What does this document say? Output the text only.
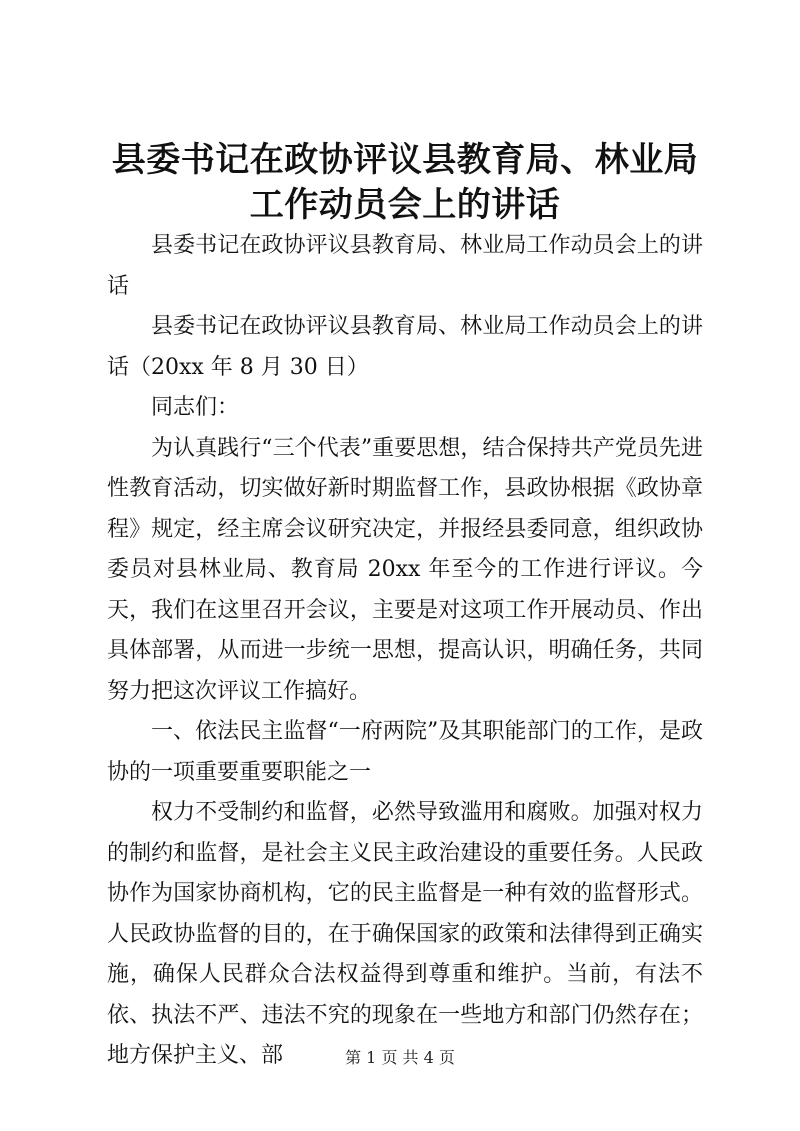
县委书记在政协评议县教育局、林业局工作动员会上的讲话

县委书记在政协评议县教育局、林业局工作动员会上的讲话

县委书记在政协评议县教育局、林业局工作动员会上的讲话（20xx 年 8 月 30 日）

同志们：

为认真践行“三个代表”重要思想，结合保持共产党员先进性教育活动，切实做好新时期监督工作，县政协根据《政协章程》规定，经主席会议研究决定，并报经县委同意，组织政协委员对县林业局、教育局 20xx 年至今的工作进行评议。今天，我们在这里召开会议，主要是对这项工作开展动员、作出具体部署，从而进一步统一思想，提高认识，明确任务，共同努力把这次评议工作搞好。

一、依法民主监督“一府两院”及其职能部门的工作，是政协的一项重要重要职能之一

权力不受制约和监督，必然导致滥用和腐败。加强对权力的制约和监督，是社会主义民主政治建设的重要任务。人民政协作为国家协商机构，它的民主监督是一种有效的监督形式。人民政协监督的目的，在于确保国家的政策和法律得到正确实施，确保人民群众合法权益得到尊重和维护。当前，有法不依、执法不严、违法不究的现象在一些地方和部门仍然存在；地方保护主义、部	第 1 页 共 4 页
